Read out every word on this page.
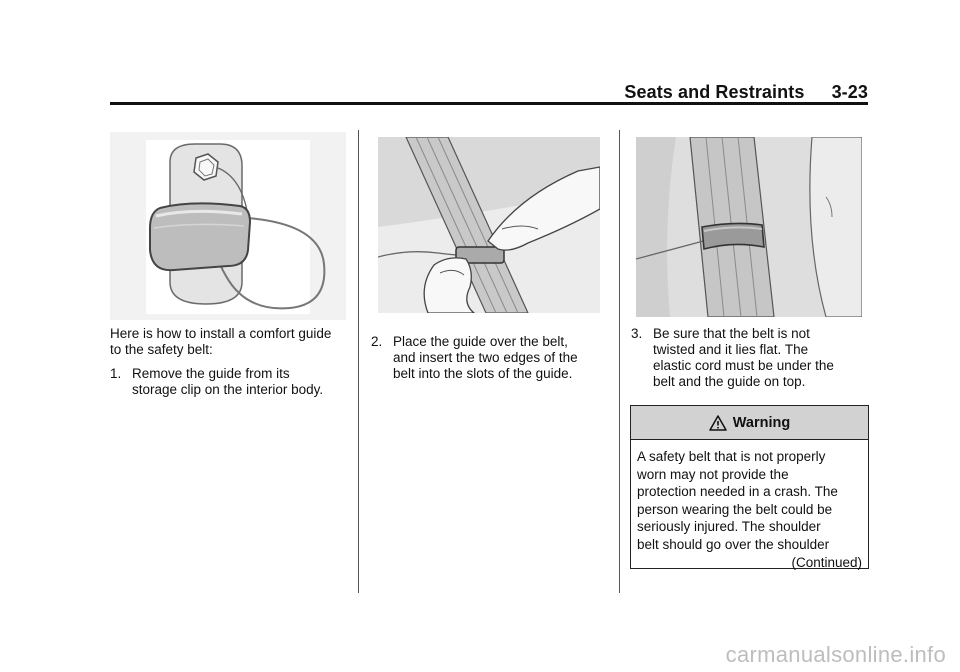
Seats and Restraints 3-23
Here is how to install a comfort guide to the safety belt:
1. Remove the guide from its
storage clip on the interior body.
2. Place the guide over the belt,
and insert the two edges of the
belt into the slots of the guide.
3. Be sure that the belt is not
twisted and it lies flat. The
elastic cord must be under the
belt and the guide on top.
Warning
A safety belt that is not properly
worn may not provide the
protection needed in a crash. The
person wearing the belt could be
seriously injured. The shoulder
belt should go over the shoulder
(Continued)
carmanualsonline.info
